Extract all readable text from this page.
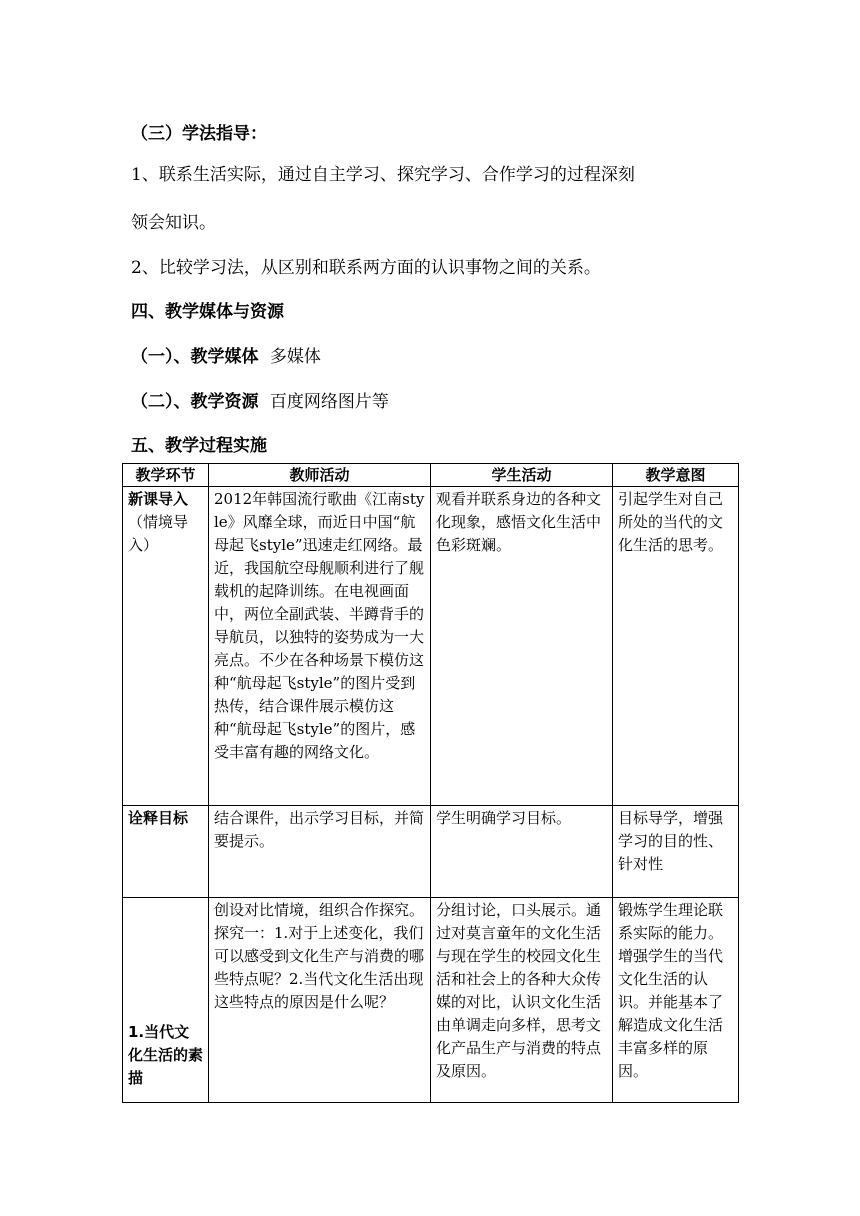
（三）学法指导：
1、联系生活实际，通过自主学习、探究学习、合作学习的过程深刻
领会知识。
2、比较学习法，从区别和联系两方面的认识事物之间的关系。
四、教学媒体与资源
（一）、教学媒体 多媒体
（二）、教学资源 百度网络图片等
五、教学过程实施
教学环节	教师活动	学生活动	教学意图

新课导入
（情境导入）	2012年韩国流行歌曲《江南style》风靡全球，而近日中国“航母起飞style”迅速走红网络。最近，我国航空母舰顺利进行了舰载机的起降训练。在电视画面中，两位全副武装、半蹲背手的导航员，以独特的姿势成为一大亮点。不少在各种场景下模仿这种“航母起飞style”的图片受到热传，结合课件展示模仿这种“航母起飞style”的图片，感受丰富有趣的网络文化。	观看并联系身边的各种文化现象，感悟文化生活中色彩斑斓。	引起学生对自己所处的当代的文化生活的思考。

诠释目标	结合课件，出示学习目标，并简要提示。	学生明确学习目标。	目标导学，增强学习的目的性、针对性

1.当代文化生活的素描	创设对比情境，组织合作探究。探究一：1.对于上述变化，我们可以感受到文化生产与消费的哪些特点呢？2.当代文化生活出现这些特点的原因是什么呢？	分组讨论，口头展示。通过对莫言童年的文化生活与现在学生的校园文化生活和社会上的各种大众传媒的对比，认识文化生活由单调走向多样，思考文化产品生产与消费的特点及原因。	锻炼学生理论联系实际的能力。增强学生的当代文化生活的认识。并能基本了解造成文化生活丰富多样的原因。
